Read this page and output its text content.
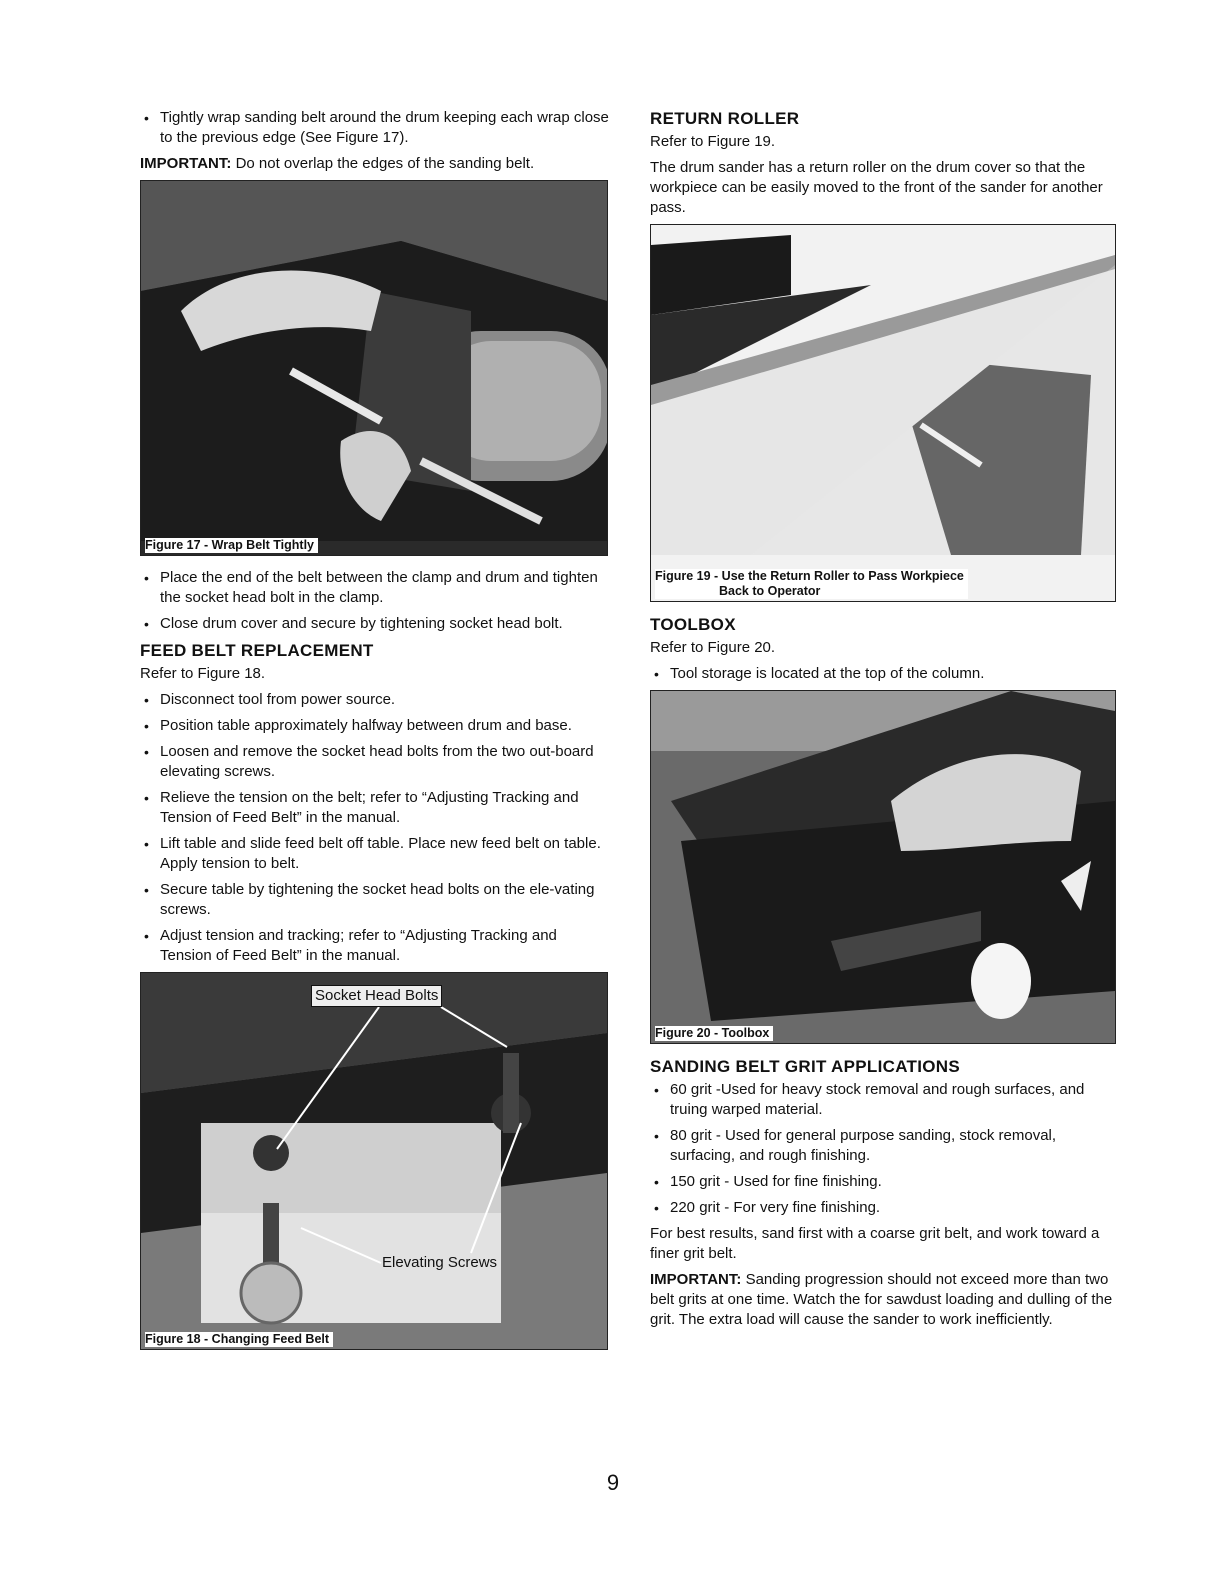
• Tightly wrap sanding belt around the drum keeping each wrap close to the previous edge (See Figure 17).

IMPORTANT: Do not overlap the edges of the sanding belt.

Figure 17 - Wrap Belt Tightly
• Place the end of the belt between the clamp and drum and tighten the socket head bolt in the clamp.
• Close drum cover and secure by tightening socket head bolt.
FEED BELT REPLACEMENT

Refer to Figure 18.

• Disconnect tool from power source.
• Position table approximately halfway between drum and base.
• Loosen and remove the socket head bolts from the two out-board elevating screws.
• Relieve the tension on the belt; refer to “Adjusting Tracking and Tension of Feed Belt” in the manual.
• Lift table and slide feed belt off table. Place new feed belt on table. Apply tension to belt.
• Secure table by tightening the socket head bolts on the ele-vating screws.
• Adjust tension and tracking; refer to “Adjusting Tracking and Tension of Feed Belt” in the manual.
Socket Head Bolts
Elevating Screws
Figure 18 - Changing Feed Belt
RETURN ROLLER

Refer to Figure 19.

The drum sander has a return roller on the drum cover so that the workpiece can be easily moved to the front of the sander for another pass.

Figure 19 - Use the Return Roller to Pass Workpiece
Back to Operator
TOOLBOX

Refer to Figure 20.

• Tool storage is located at the top of the column.
Figure 20 - Toolbox
SANDING BELT GRIT APPLICATIONS
• 60 grit -Used for heavy stock removal and rough surfaces, and truing warped material.
• 80 grit - Used for general purpose sanding, stock removal, surfacing, and rough finishing.
• 150 grit - Used for fine finishing.
• 220 grit - For very fine finishing.

For best results, sand first with a coarse grit belt, and work toward a finer grit belt.

IMPORTANT: Sanding progression should not exceed more than two belt grits at one time. Watch the for sawdust loading and dulling of the grit. The extra load will cause the sander to work inefficiently.

9
